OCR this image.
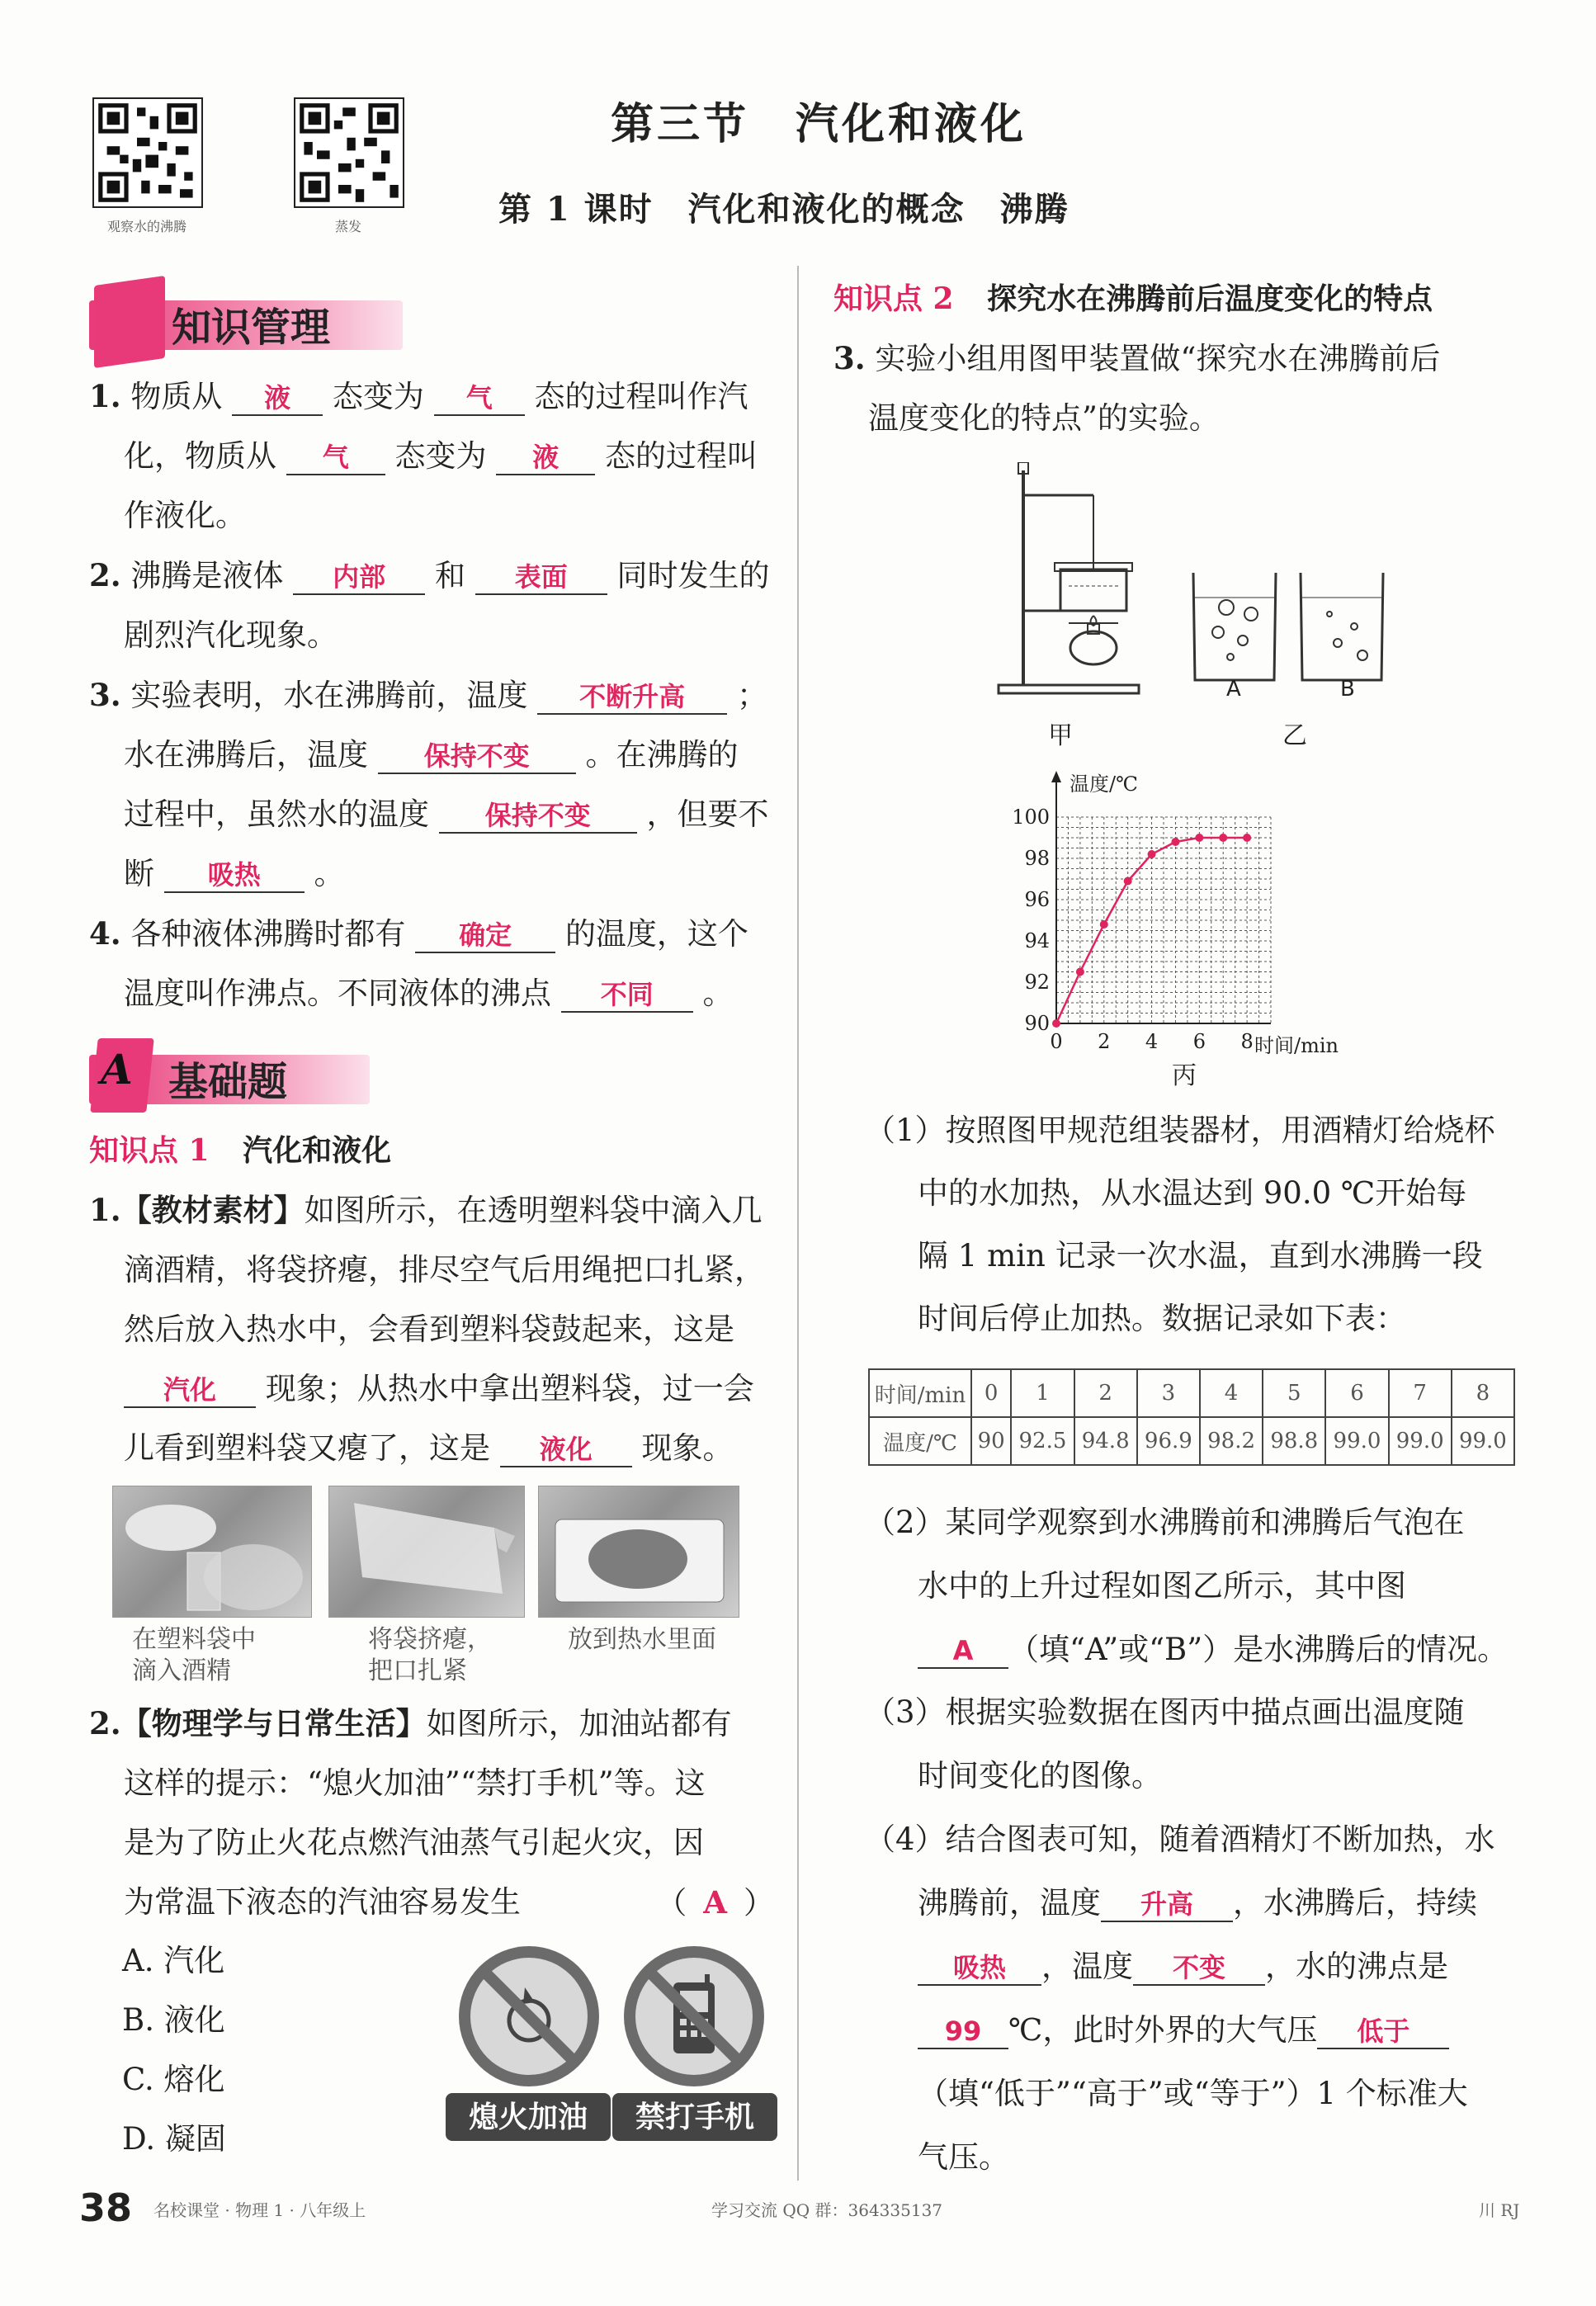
观察水的沸腾	蒸发
第三节　汽化和液化
第 1 课时　汽化和液化的概念　沸腾
知识管理
1. 物质从 液 态变为 气 态的过程叫作汽
化，物质从 气 态变为 液 态的过程叫
作液化。
2. 沸腾是液体 内部 和 表面 同时发生的
剧烈汽化现象。
3. 实验表明，水在沸腾前，温度 不断升高 ；
水在沸腾后，温度 保持不变 。在沸腾的
过程中，虽然水的温度 保持不变 ，但要不
断 吸热 。
4. 各种液体沸腾时都有 确定 的温度，这个
温度叫作沸点。不同液体的沸点 不同 。
A 基础题
知识点 1 汽化和液化
1.【教材素材】如图所示，在透明塑料袋中滴入几
滴酒精，将袋挤瘪，排尽空气后用绳把口扎紧，
然后放入热水中，会看到塑料袋鼓起来，这是
汽化 现象；从热水中拿出塑料袋，过一会
儿看到塑料袋又瘪了，这是 液化 现象。
在塑料袋中
滴入酒精
将袋挤瘪，
把口扎紧
放到热水里面
2.【物理学与日常生活】如图所示，加油站都有
这样的提示：“熄火加油”“禁打手机”等。这
是为了防止火花点燃汽油蒸气引起火灾，因
为常温下液态的汽油容易发生	（ A ）
A. 汽化
B. 液化
C. 熔化
D. 凝固
熄火加油	禁打手机
知识点 2 探究水在沸腾前后温度变化的特点
3. 实验小组用图甲装置做“探究水在沸腾前后
温度变化的特点”的实验。
甲
A	B
乙
温度/℃
时间/min
90
92
94
96
98
100
0 2 4 6 8
丙
（1）按照图甲规范组装器材，用酒精灯给烧杯
中的水加热，从水温达到 90.0 ℃开始每
隔 1 min 记录一次水温，直到水沸腾一段
时间后停止加热。数据记录如下表：
时间/min	0	1	2	3	4	5	6	7	8
温度/℃	90	92.5	94.8	96.9	98.2	98.8	99.0	99.0	99.0
（2）某同学观察到水沸腾前和沸腾后气泡在
水中的上升过程如图乙所示，其中图
A （填“A”或“B”）是水沸腾后的情况。
（3）根据实验数据在图丙中描点画出温度随
时间变化的图像。
（4）结合图表可知，随着酒精灯不断加热，水
沸腾前，温度 升高 ，水沸腾后，持续
吸热 ，温度 不变 ，水的沸点是
99 ℃，此时外界的大气压 低于
（填“低于”“高于”或“等于”）1 个标准大
气压。
38 名校课堂 · 物理 1 · 八年级上	学习交流 QQ 群：364335137	川 RJ
